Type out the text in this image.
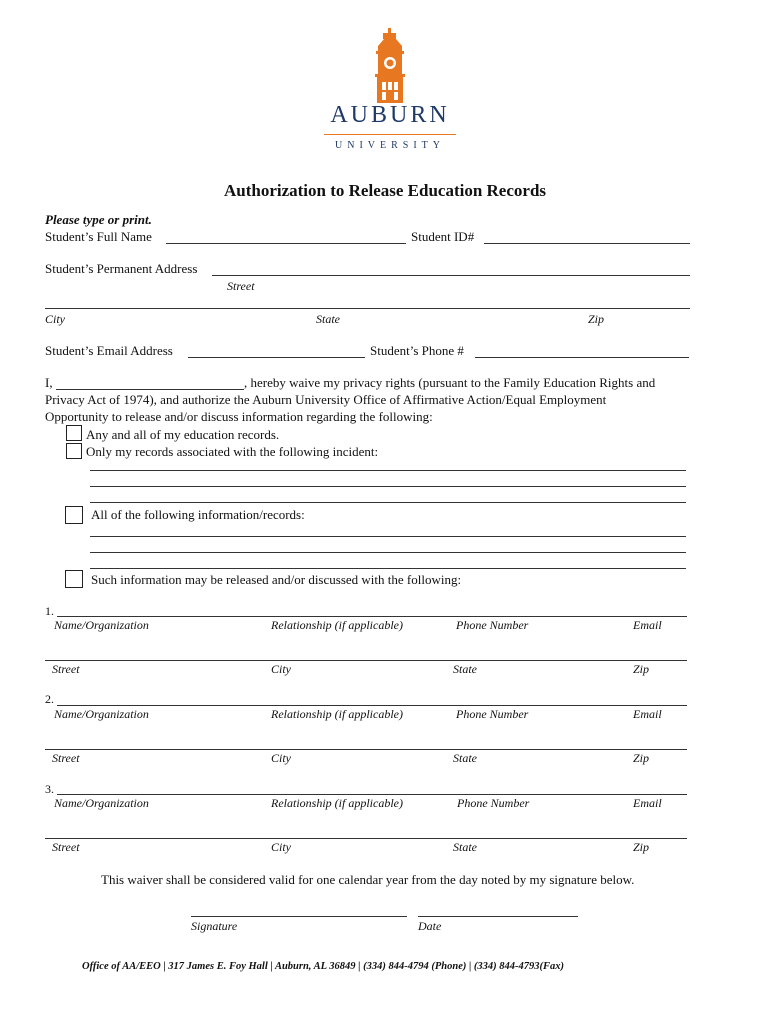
AUBURN
UNIVERSITY
Authorization to Release Education Records
Please type or print.
Student’s Full Name	Student ID#
Student’s Permanent Address
Street
City	State	Zip
Student’s Email Address	Student’s Phone #
I,	, hereby waive my privacy rights (pursuant to the Family Education Rights and
Privacy Act of 1974), and authorize the Auburn University Office of Affirmative Action/Equal Employment
Opportunity to release and/or discuss information regarding the following:
Any and all of my education records.
Only my records associated with the following incident:
All of the following information/records:
Such information may be released and/or discussed with the following:
1.
Name/Organization	Relationship (if applicable)	Phone Number	Email
Street	City	State	Zip
2.
Name/Organization	Relationship (if applicable)	Phone Number	Email
Street	City	State	Zip
3.
Name/Organization	Relationship (if applicable)	Phone Number	Email
Street	City	State	Zip
This waiver shall be considered valid for one calendar year from the day noted by my signature below.
Signature	Date
Office of AA/EEO | 317 James E. Foy Hall | Auburn, AL 36849 | (334) 844-4794 (Phone) | (334) 844-4793(Fax)
